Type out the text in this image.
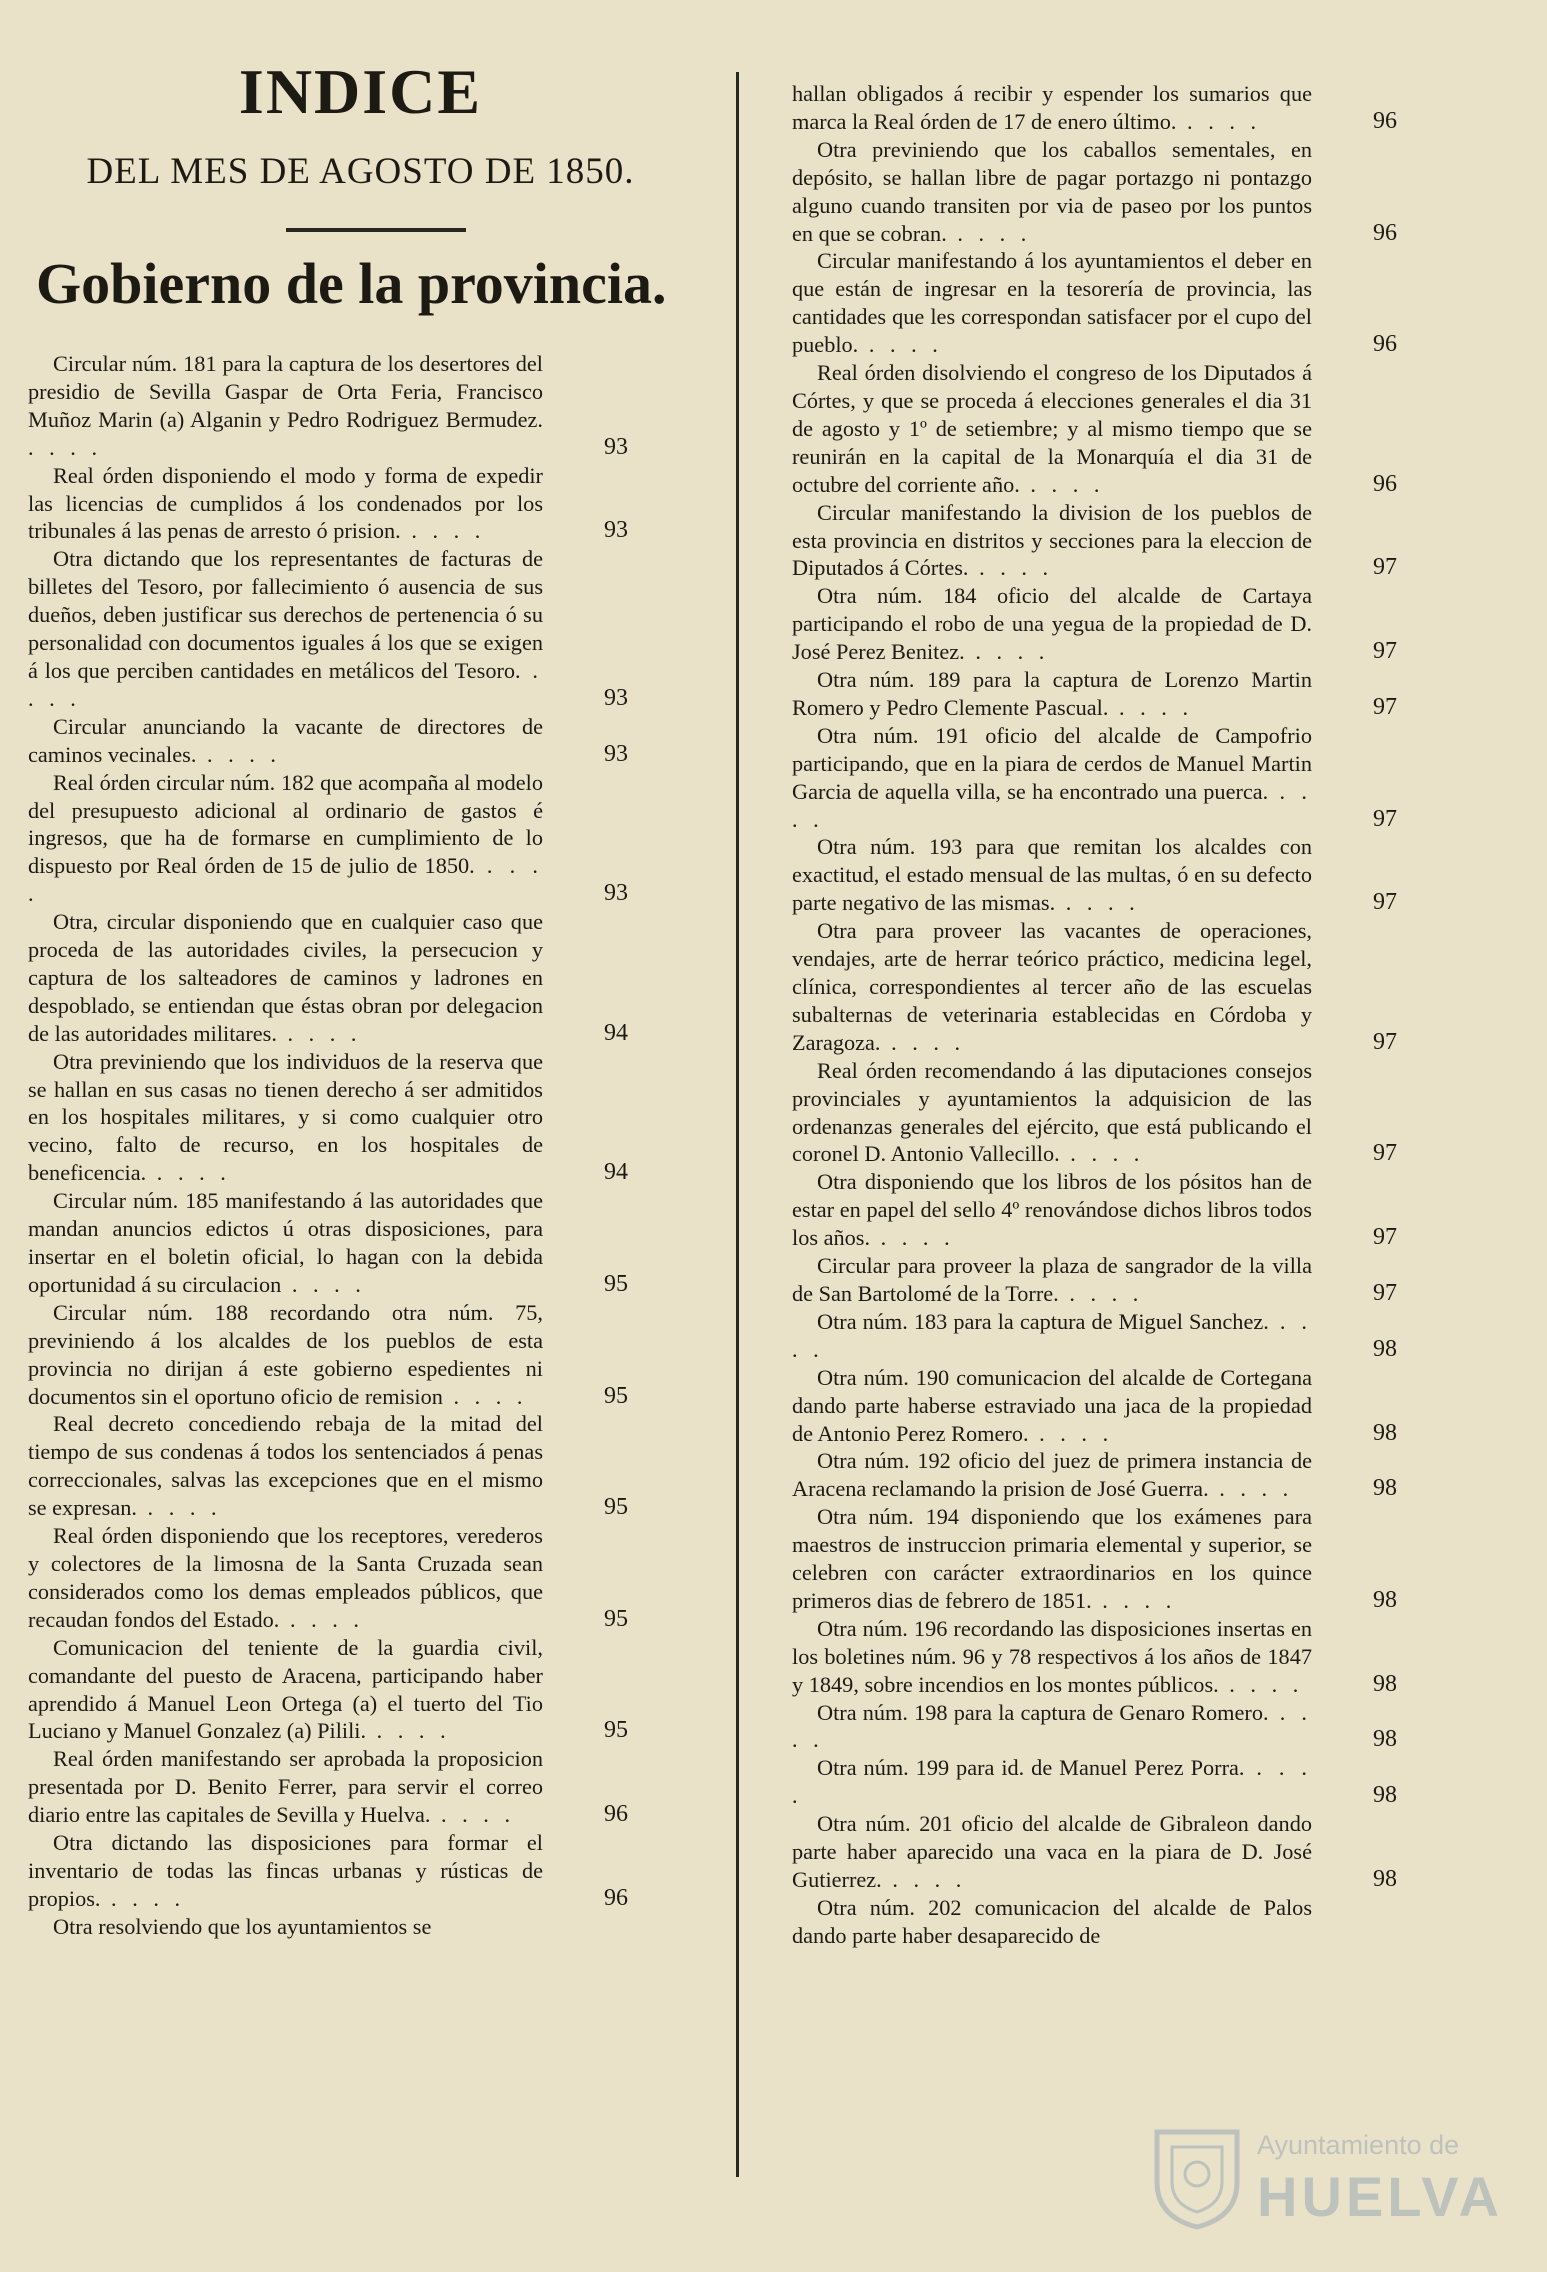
INDICE
DEL MES DE AGOSTO DE 1850.
Gobierno de la provincia.
Circular núm. 181 para la captura de los desertores del presidio de Sevilla Gaspar de Orta Feria, Francisco Muñoz Marin (a) Alganin y Pedro Rodriguez Bermudez. . . . .	93
Real órden disponiendo el modo y forma de expedir las licencias de cumplidos á los condenados por los tribunales á las penas de arresto ó prision. . . . .	93
Otra dictando que los representantes de facturas de billetes del Tesoro, por fallecimiento ó ausencia de sus dueños, deben justificar sus derechos de pertenencia ó su personalidad con documentos iguales á los que se exigen á los que perciben cantidades en metálicos del Tesoro. . . . .	93
Circular anunciando la vacante de directores de caminos vecinales. . . . .	93
Real órden circular núm. 182 que acompaña al modelo del presupuesto adicional al ordinario de gastos é ingresos, que ha de formarse en cumplimiento de lo dispuesto por Real órden de 15 de julio de 1850. . . . .	93
Otra, circular disponiendo que en cualquier caso que proceda de las autoridades civiles, la persecucion y captura de los salteadores de caminos y ladrones en despoblado, se entiendan que éstas obran por delegacion de las autoridades militares. . . . .	94
Otra previniendo que los individuos de la reserva que se hallan en sus casas no tienen derecho á ser admitidos en los hospitales militares, y si como cualquier otro vecino, falto de recurso, en los hospitales de beneficencia. . . . .	94
Circular núm. 185 manifestando á las autoridades que mandan anuncios edictos ú otras disposiciones, para insertar en el boletin oficial, lo hagan con la debida oportunidad á su circulacion . . . .	95
Circular núm. 188 recordando otra núm. 75, previniendo á los alcaldes de los pueblos de esta provincia no dirijan á este gobierno espedientes ni documentos sin el oportuno oficio de remision . . . .	95
Real decreto concediendo rebaja de la mitad del tiempo de sus condenas á todos los sentenciados á penas correccionales, salvas las excepciones que en el mismo se expresan. . . . .	95
Real órden disponiendo que los receptores, verederos y colectores de la limosna de la Santa Cruzada sean considerados como los demas empleados públicos, que recaudan fondos del Estado. . . . .	95
Comunicacion del teniente de la guardia civil, comandante del puesto de Aracena, participando haber aprendido á Manuel Leon Ortega (a) el tuerto del Tio Luciano y Manuel Gonzalez (a) Pilili. . . . .	95
Real órden manifestando ser aprobada la proposicion presentada por D. Benito Ferrer, para servir el correo diario entre las capitales de Sevilla y Huelva. . . . .	96
Otra dictando las disposiciones para formar el inventario de todas las fincas urbanas y rústicas de propios. . . . .	96
Otra resolviendo que los ayuntamientos se
hallan obligados á recibir y espender los sumarios que marca la Real órden de 17 de enero último. . . . .	96
Otra previniendo que los caballos sementales, en depósito, se hallan libre de pagar portazgo ni pontazgo alguno cuando transiten por via de paseo por los puntos en que se cobran. . . . .	96
Circular manifestando á los ayuntamientos el deber en que están de ingresar en la tesorería de provincia, las cantidades que les correspondan satisfacer por el cupo del pueblo. . . . .	96
Real órden disolviendo el congreso de los Diputados á Córtes, y que se proceda á elecciones generales el dia 31 de agosto y 1º de setiembre; y al mismo tiempo que se reunirán en la capital de la Monarquía el dia 31 de octubre del corriente año. . . . .	96
Circular manifestando la division de los pueblos de esta provincia en distritos y secciones para la eleccion de Diputados á Córtes. . . . .	97
Otra núm. 184 oficio del alcalde de Cartaya participando el robo de una yegua de la propiedad de D. José Perez Benitez. . . . .	97
Otra núm. 189 para la captura de Lorenzo Martin Romero y Pedro Clemente Pascual. . . . .	97
Otra núm. 191 oficio del alcalde de Campofrio participando, que en la piara de cerdos de Manuel Martin Garcia de aquella villa, se ha encontrado una puerca. . . . .	97
Otra núm. 193 para que remitan los alcaldes con exactitud, el estado mensual de las multas, ó en su defecto parte negativo de las mismas. . . . .	97
Otra para proveer las vacantes de operaciones, vendajes, arte de herrar teórico práctico, medicina legel, clínica, correspondientes al tercer año de las escuelas subalternas de veterinaria establecidas en Córdoba y Zaragoza. . . . .	97
Real órden recomendando á las diputaciones consejos provinciales y ayuntamientos la adquisicion de las ordenanzas generales del ejército, que está publicando el coronel D. Antonio Vallecillo. . . . .	97
Otra disponiendo que los libros de los pósitos han de estar en papel del sello 4º renovándose dichos libros todos los años. . . . .	97
Circular para proveer la plaza de sangrador de la villa de San Bartolomé de la Torre. . . . .	97
Otra núm. 183 para la captura de Miguel Sanchez. . . . .	98
Otra núm. 190 comunicacion del alcalde de Cortegana dando parte haberse estraviado una jaca de la propiedad de Antonio Perez Romero. . . . .	98
Otra núm. 192 oficio del juez de primera instancia de Aracena reclamando la prision de José Guerra. . . . .	98
Otra núm. 194 disponiendo que los exámenes para maestros de instruccion primaria elemental y superior, se celebren con carácter extraordinarios en los quince primeros dias de febrero de 1851. . . . .	98
Otra núm. 196 recordando las disposiciones insertas en los boletines núm. 96 y 78 respectivos á los años de 1847 y 1849, sobre incendios en los montes públicos. . . . .	98
Otra núm. 198 para la captura de Genaro Romero. . . . .	98
Otra núm. 199 para id. de Manuel Perez Porra. . . . .	98
Otra núm. 201 oficio del alcalde de Gibraleon dando parte haber aparecido una vaca en la piara de D. José Gutierrez. . . . .	98
Otra núm. 202 comunicacion del alcalde de Palos dando parte haber desaparecido de
Ayuntamiento de
HUELVA
